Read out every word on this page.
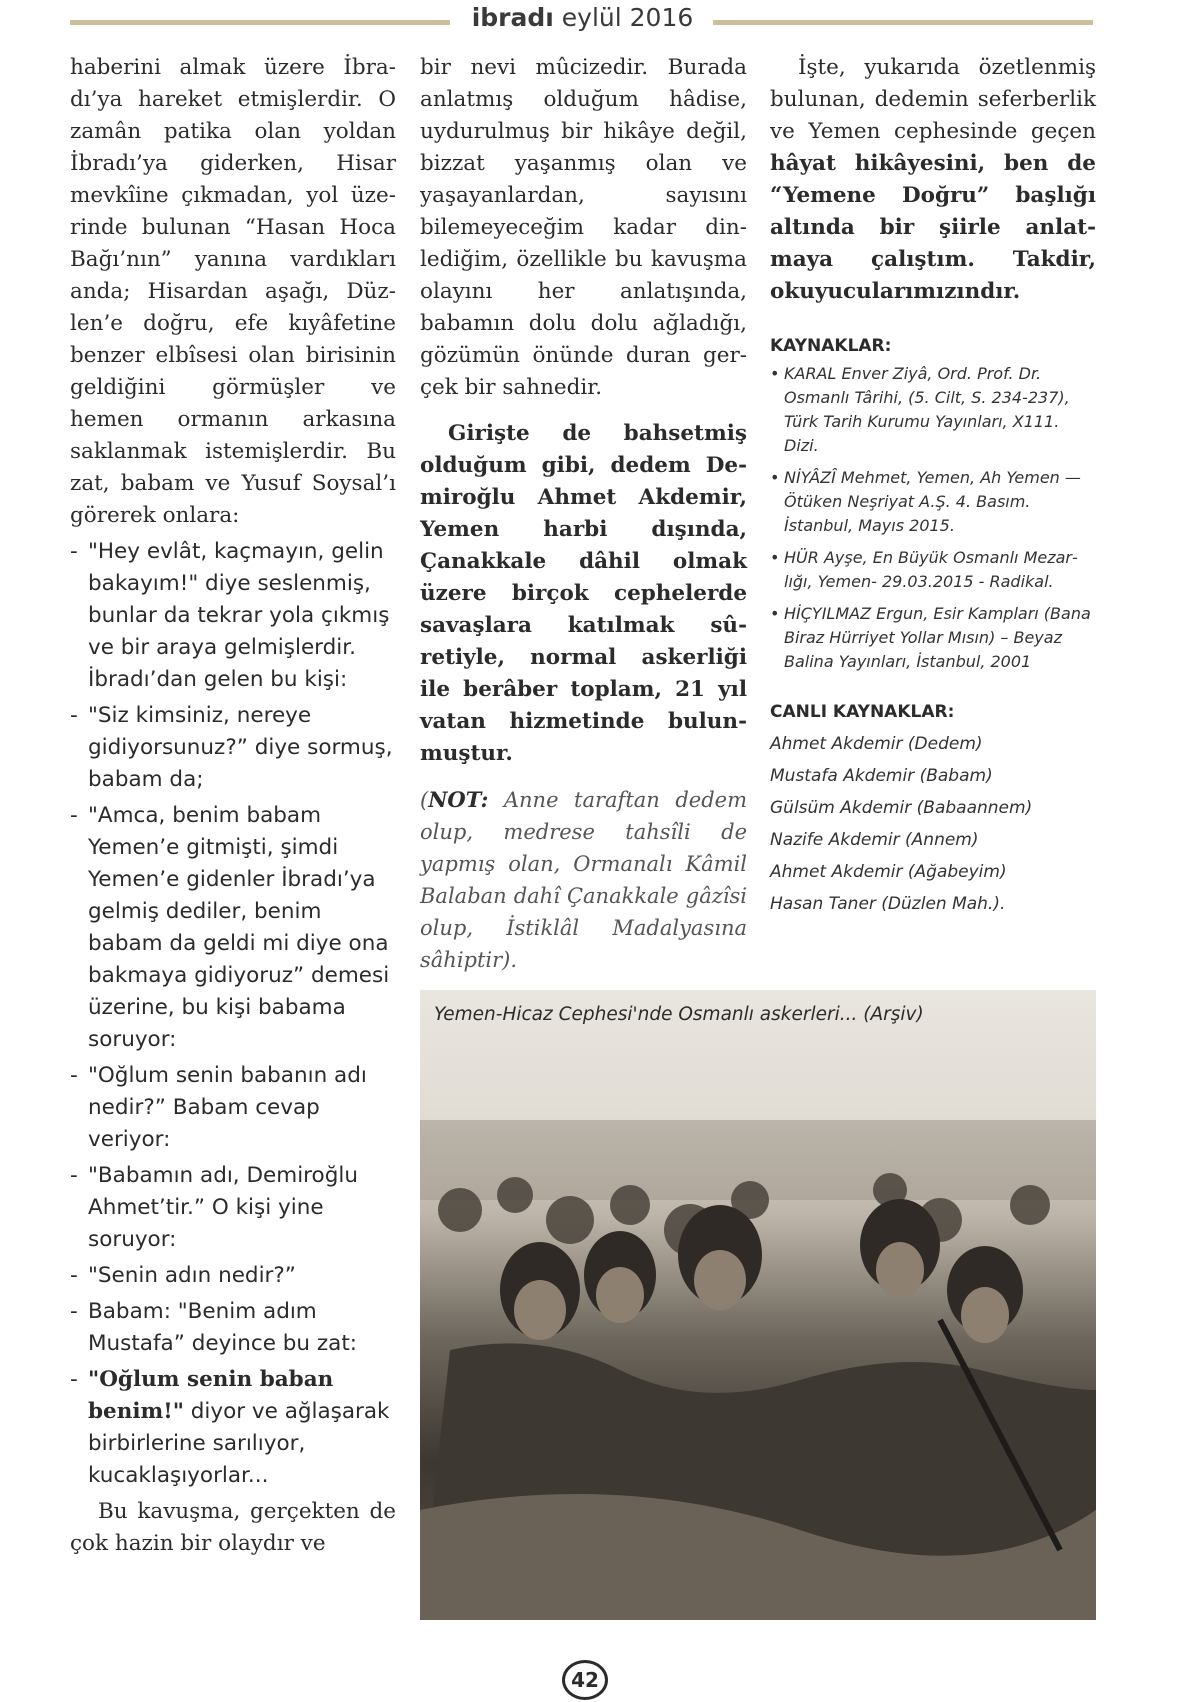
ibradı eylül 2016

haberini almak üzere İbradı’ya hareket etmişlerdir. O zamân patika olan yoldan İbradı’ya giderken, Hisar mevkîine çıkmadan, yol üzerinde bulunan “Hasan Hoca Bağı’nın” yanına vardıkları anda; Hisardan aşağı, Düzlen’e doğru, efe kıyâfetine benzer elbîsesi olan birisinin geldiğini görmüşler ve hemen ormanın arkasına saklanmak istemişlerdir. Bu zat, babam ve Yusuf Soysal’ı görerek onlara:

- "Hey evlât, kaçmayın, gelin bakayım!" diye seslenmiş, bunlar da tekrar yola çıkmış ve bir araya gelmişlerdir. İbradı’dan gelen bu kişi:
- "Siz kimsiniz, nereye gidiyorsunuz?” diye sormuş, babam da;
- "Amca, benim babam Yemen’e gitmişti, şimdi Yemen’e gidenler İbradı’ya gelmiş dediler, benim babam da geldi mi diye ona bakmaya gidiyoruz” demesi üzerine, bu kişi babama soruyor:
- "Oğlum senin babanın adı nedir?” Babam cevap veriyor:
- "Babamın adı, Demiroğlu Ahmet’tir.” O kişi yine soruyor:
- "Senin adın nedir?”
- Babam: "Benim adım Mustafa” deyince bu zat:
- "Oğlum senin baban benim!" diyor ve ağlaşarak birbirlerine sarılıyor, kucaklaşıyorlar...

Bu kavuşma, gerçekten de çok hazin bir olaydır ve

bir nevi mûcizedir. Burada anlatmış olduğum hâdise, uydurulmuş bir hikâye değil, bizzat yaşanmış olan ve yaşayanlardan, sayısını bilemeyeceğim kadar dinlediğim, özellikle bu kavuşma olayını her anlatışında, babamın dolu dolu ağladığı, gözümün önünde duran gerçek bir sahnedir.

Girişte de bahsetmiş olduğum gibi, dedem Demiroğlu Ahmet Akdemir, Yemen harbi dışında, Çanakkale dâhil olmak üzere birçok cephelerde savaşlara katılmak sûretiyle, normal askerliği ile berâber toplam, 21 yıl vatan hizmetinde bulunmuştur.

(NOT: Anne taraftan dedem olup, medrese tahsîli de yapmış olan, Ormanalı Kâmil Balaban dahî Çanakkale gâzîsi olup, İstiklâl Madalyasına sâhiptir).

İşte, yukarıda özetlenmiş bulunan, dedemin seferberlik ve Yemen cephesinde geçen hâyat hikâyesini, ben de “Yemene Doğru” başlığı altında bir şiirle anlatmaya çalıştım. Takdir, okuyucularımızındır.

KAYNAKLAR:
• KARAL Enver Ziyâ, Ord. Prof. Dr. Osmanlı Târihi, (5. Cilt, S. 234-237), Türk Tarih Kurumu Yayınları, X111. Dizi.
• NİYÂZÎ Mehmet, Yemen, Ah Yemen — Ötüken Neşriyat A.Ş. 4. Basım. İstanbul, Mayıs 2015.
• HÜR Ayşe, En Büyük Osmanlı Mezarlığı, Yemen- 29.03.2015 - Radikal.
• HİÇYILMAZ Ergun, Esir Kampları (Bana Biraz Hürriyet Yollar Mısın) – Beyaz Balina Yayınları, İstanbul, 2001
CANLI KAYNAKLAR:
Ahmet Akdemir (Dedem)
Mustafa Akdemir (Babam)
Gülsüm Akdemir (Babaannem)
Nazife Akdemir (Annem)
Ahmet Akdemir (Ağabeyim)
Hasan Taner (Düzlen Mah.).
Yemen-Hicaz Cephesi'nde Osmanlı askerleri... (Arşiv)
42
